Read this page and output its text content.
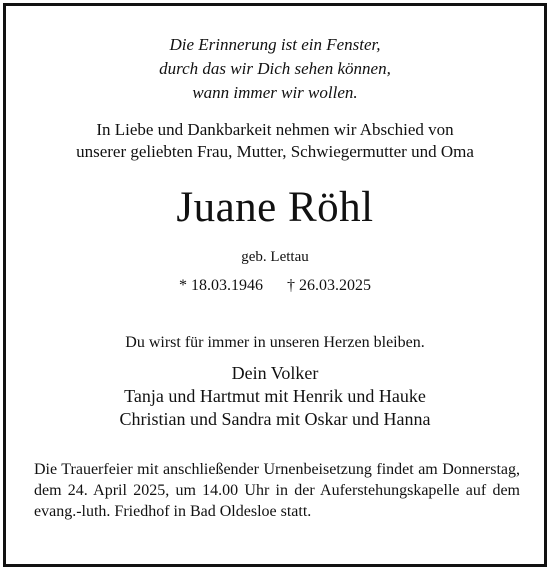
Die Erinnerung ist ein Fenster,
durch das wir Dich sehen können,
wann immer wir wollen.
In Liebe und Dankbarkeit nehmen wir Abschied von
unserer geliebten Frau, Mutter, Schwiegermutter und Oma
Juane Röhl
geb. Lettau
* 18.03.1946 † 26.03.2025
Du wirst für immer in unseren Herzen bleiben.
Dein Volker
Tanja und Hartmut mit Henrik und Hauke
Christian und Sandra mit Oskar und Hanna
Die Trauerfeier mit anschließender Urnenbeisetzung findet am Donnerstag, dem 24. April 2025, um 14.00 Uhr in der Auferstehungskapelle auf dem evang.-luth. Friedhof in Bad Oldesloe statt.
